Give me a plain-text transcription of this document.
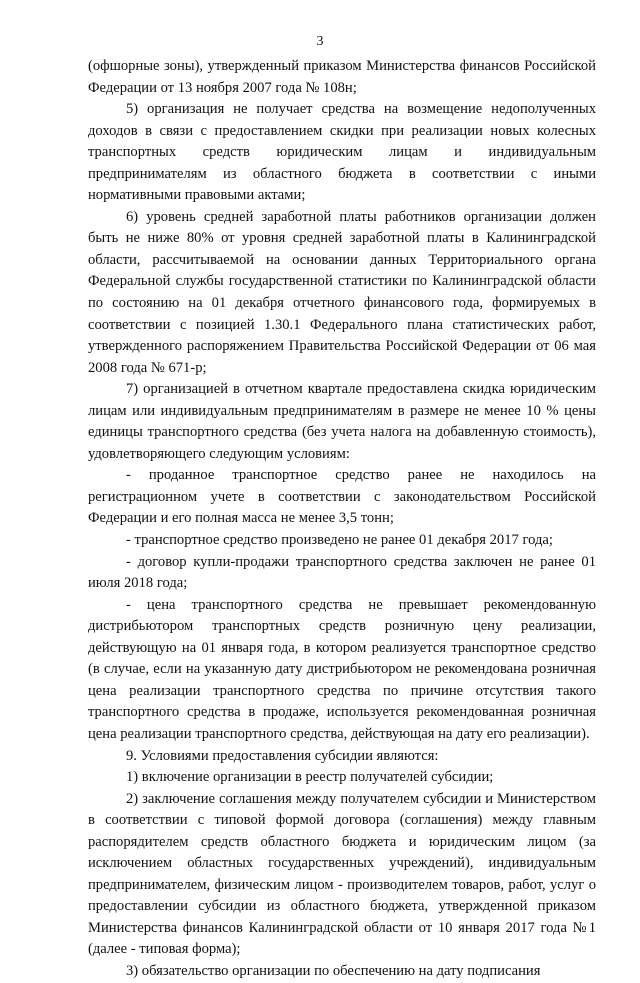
3

(офшорные зоны), утвержденный приказом Министерства финансов Российской Федерации от 13 ноября 2007 года № 108н;

5) организация не получает средства на возмещение недополученных доходов в связи с предоставлением скидки при реализации новых колесных транспортных средств юридическим лицам и индивидуальным предпринимателям из областного бюджета в соответствии с иными нормативными правовыми актами;

6) уровень средней заработной платы работников организации должен быть не ниже 80% от уровня средней заработной платы в Калининградской области, рассчитываемой на основании данных Территориального органа Федеральной службы государственной статистики по Калининградской области по состоянию на 01 декабря отчетного финансового года, формируемых в соответствии с позицией 1.30.1 Федерального плана статистических работ, утвержденного распоряжением Правительства Российской Федерации от 06 мая 2008 года № 671-р;

7) организацией в отчетном квартале предоставлена скидка юридическим лицам или индивидуальным предпринимателям в размере не менее 10 % цены единицы транспортного средства (без учета налога на добавленную стоимость), удовлетворяющего следующим условиям:

- проданное транспортное средство ранее не находилось на регистрационном учете в соответствии с законодательством Российской Федерации и его полная масса не менее 3,5 тонн;

- транспортное средство произведено не ранее 01 декабря 2017 года;

- договор купли-продажи транспортного средства заключен не ранее 01 июля 2018 года;

- цена транспортного средства не превышает рекомендованную дистрибьютором транспортных средств розничную цену реализации, действующую на 01 января года, в котором реализуется транспортное средство (в случае, если на указанную дату дистрибьютором не рекомендована розничная цена реализации транспортного средства по причине отсутствия такого транспортного средства в продаже, используется рекомендованная розничная цена реализации транспортного средства, действующая на дату его реализации).

9. Условиями предоставления субсидии являются:

1) включение организации в реестр получателей субсидии;

2) заключение соглашения между получателем субсидии и Министерством в соответствии с типовой формой договора (соглашения) между главным распорядителем средств областного бюджета и юридическим лицом (за исключением областных государственных учреждений), индивидуальным предпринимателем, физическим лицом - производителем товаров, работ, услуг о предоставлении субсидии из областного бюджета, утвержденной приказом Министерства финансов Калининградской области от 10 января 2017 года №1 (далее - типовая форма);

3) обязательство организации по обеспечению на дату подписания
